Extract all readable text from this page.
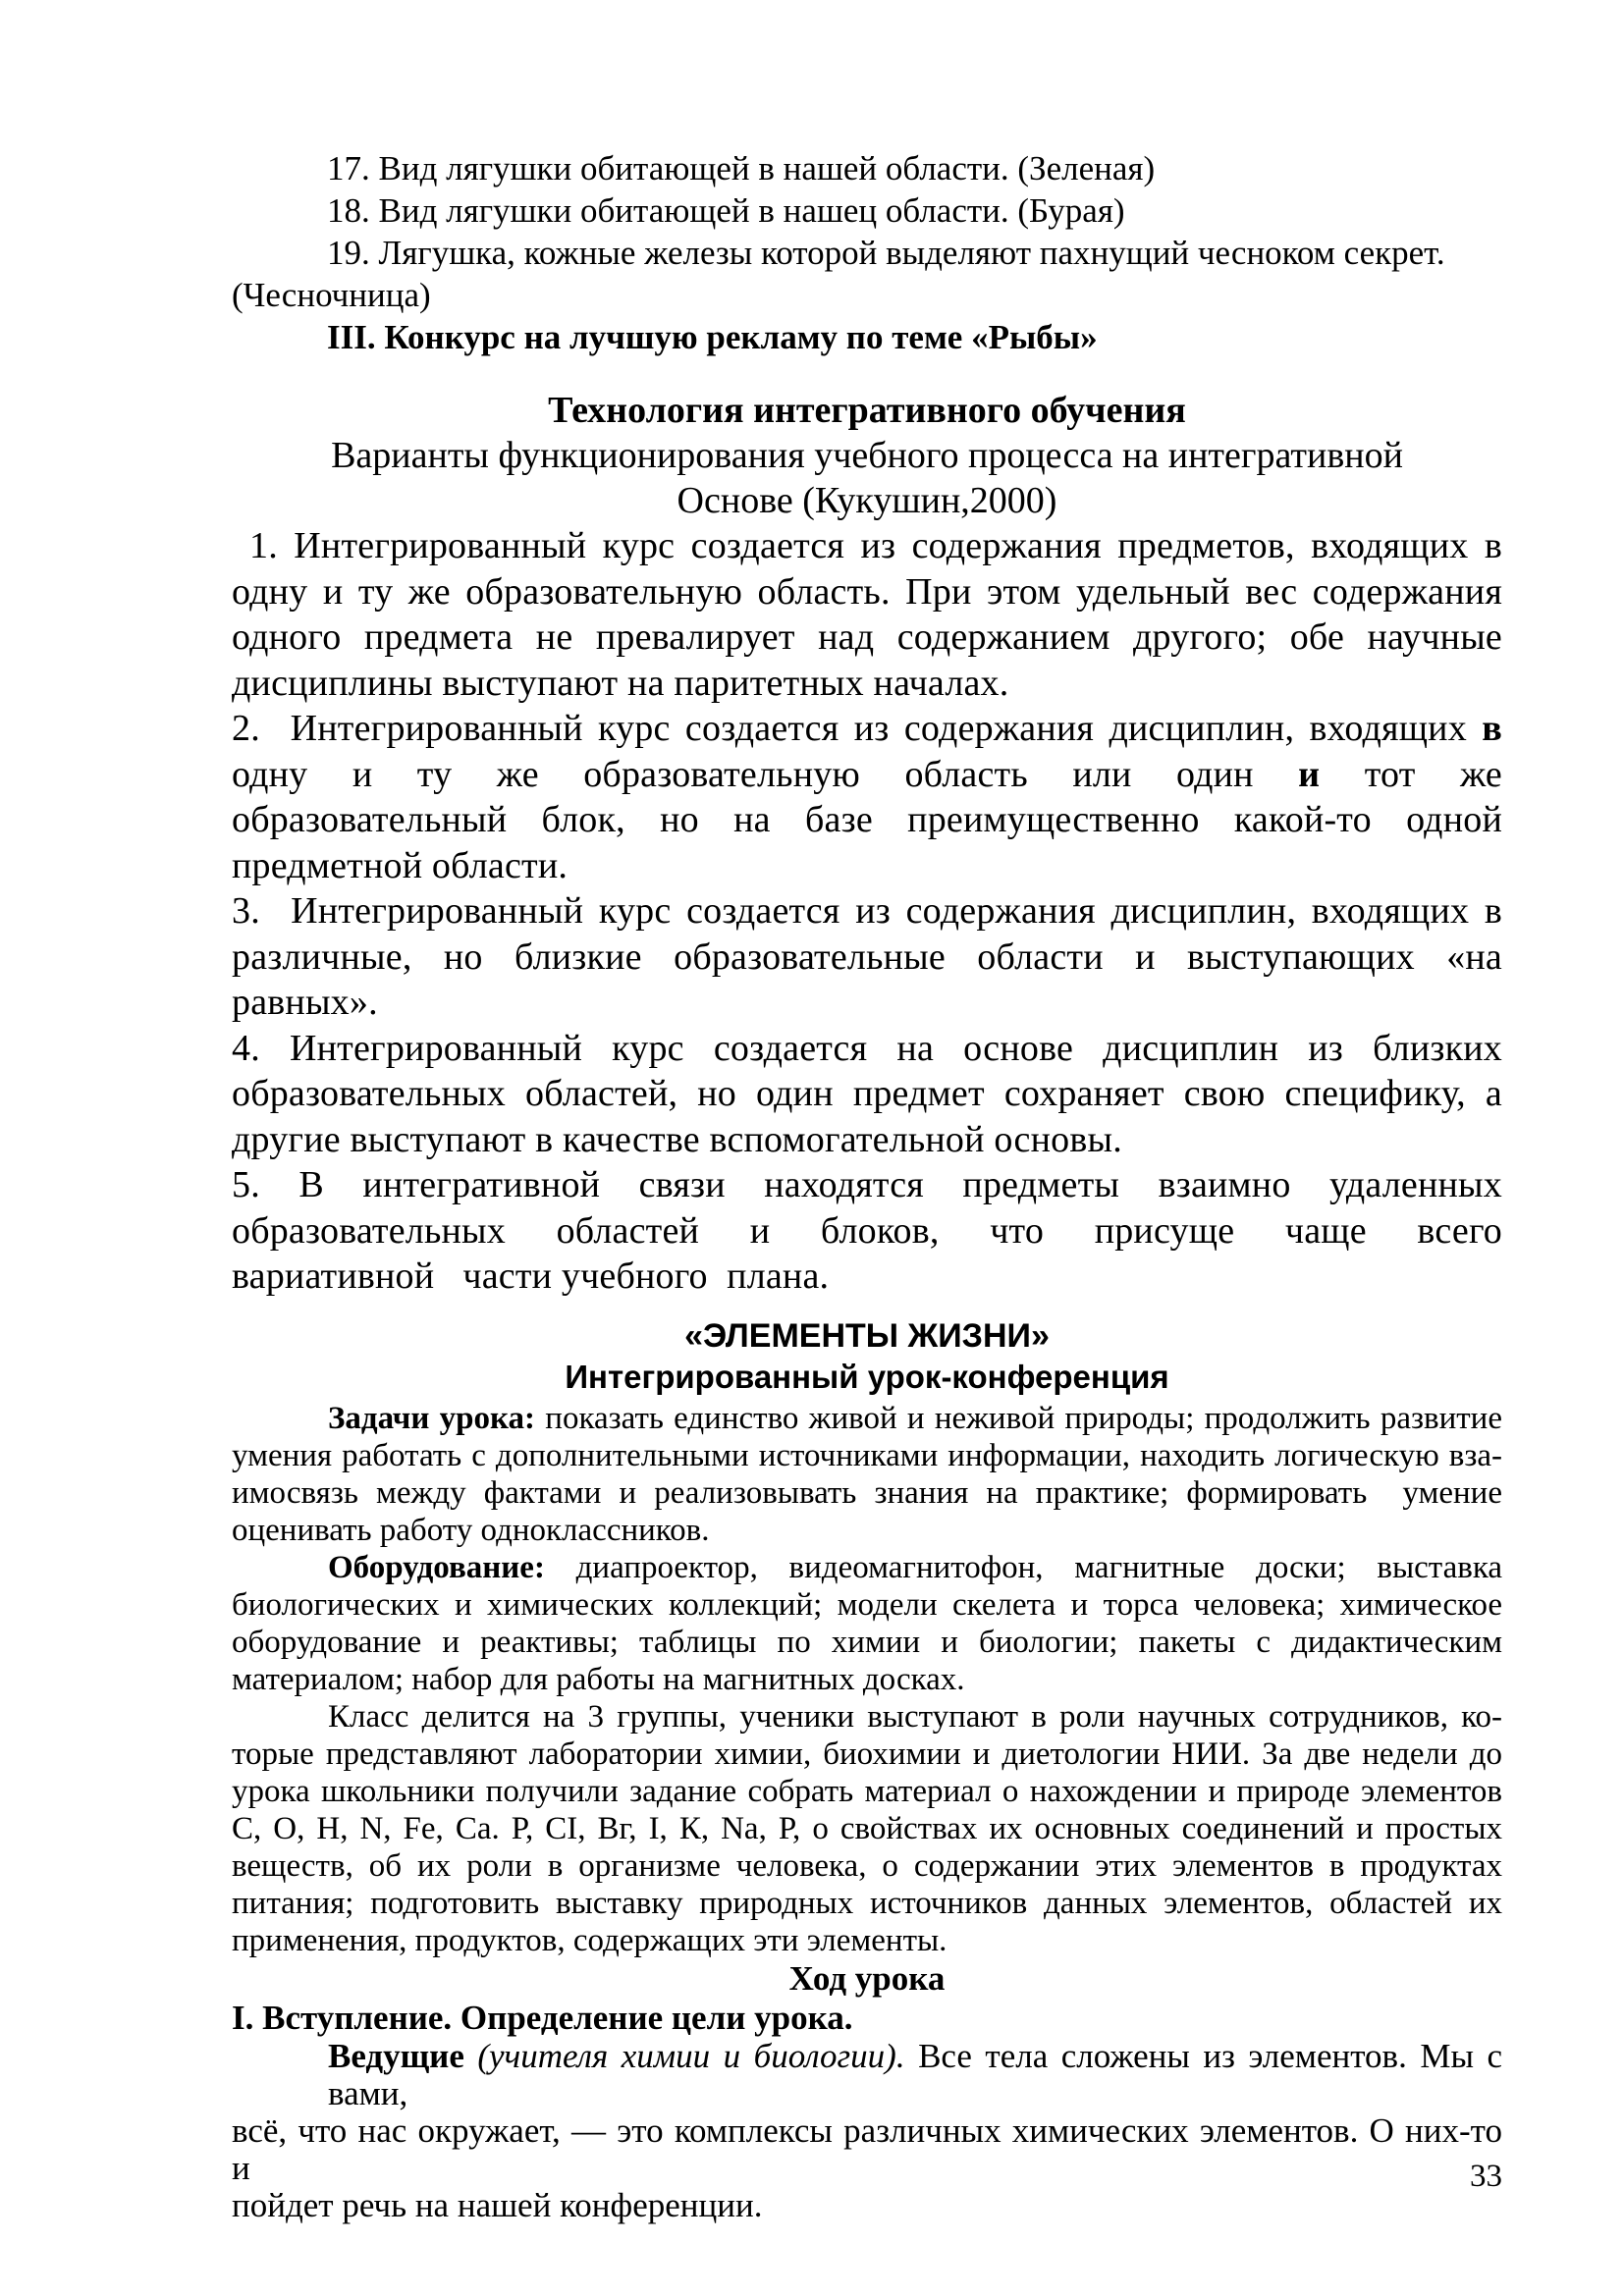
17. Вид лягушки обитающей в нашей области. (Зеленая)
18. Вид лягушки обитающей в нашец области. (Бурая)
19. Лягушка, кожные железы которой выделяют пахнущий чесноком секрет.
(Чесночница)
III. Конкурс на лучшую рекламу по теме «Рыбы»
Технология интегративного обучения
Варианты функционирования учебного процесса на интегративной
Основе (Кукушин,2000)
1. Интегрированный курс создается из содержания предметов, входящих в
одну и ту же образовательную область. При этом удельный вес содержания
одного предмета не превалирует над содержанием другого; обе научные
дисциплины выступают на паритетных началах.
2.  Интегрированный курс создается из содержания дисциплин, входящих в
одну и ту же образовательную область или один и тот же
образовательный блок, но на базе преимущественно какой-то одной
предметной области.
3.  Интегрированный курс создается из содержания дисциплин, входящих в
различные, но близкие образовательные области и выступающих «на
равных».
4. Интегрированный курс создается на основе дисциплин из близких
образовательных областей, но один предмет сохраняет свою специфику, а
другие выступают в качестве вспомогательной основы.
5. В интегративной связи находятся предметы взаимно удаленных
образовательных областей и блоков, что присуще чаще всего
вариативной   части учебного  плана.
«ЭЛЕМЕНТЫ ЖИЗНИ»
Интегрированный урок-конференция
Задачи урока: показать единство живой и неживой природы; продолжить развитие
умения работать с дополнительными источниками информации, находить логическую вза-
имосвязь между фактами и реализовывать знания на практике; формировать  умение
оценивать работу одноклассников.
Оборудование: диапроектор, видеомагнитофон, магнитные доски; выставка
биологических и химических коллекций; модели скелета и торса человека; химическое
оборудование и реактивы; таблицы по химии и биологии; пакеты с дидактическим
материалом; набор для работы на магнитных досках.
Класс делится на 3 группы, ученики выступают в роли научных сотрудников, ко-
торые представляют лаборатории химии, биохимии и диетологии НИИ. За две недели до
урока школьники получили задание собрать материал о нахождении и природе элементов
С, О, Н, N, Fe, Ca. Р, CI, Вг, I, К, Na, Р, о свойствах их основных соединений и простых
веществ, об их роли в организме человека, о содержании этих элементов в продуктах
питания; подготовить выставку природных источников данных элементов, областей их
применения, продуктов, содержащих эти элементы.
Ход урока
I. Вступление. Определение цели урока.
Ведущие (учителя химии и биологии). Все тела сложены из элементов. Мы с вами,
всё, что нас окружает, — это комплексы различных химических элементов. О них-то и
пойдет речь на нашей конференции.
33
